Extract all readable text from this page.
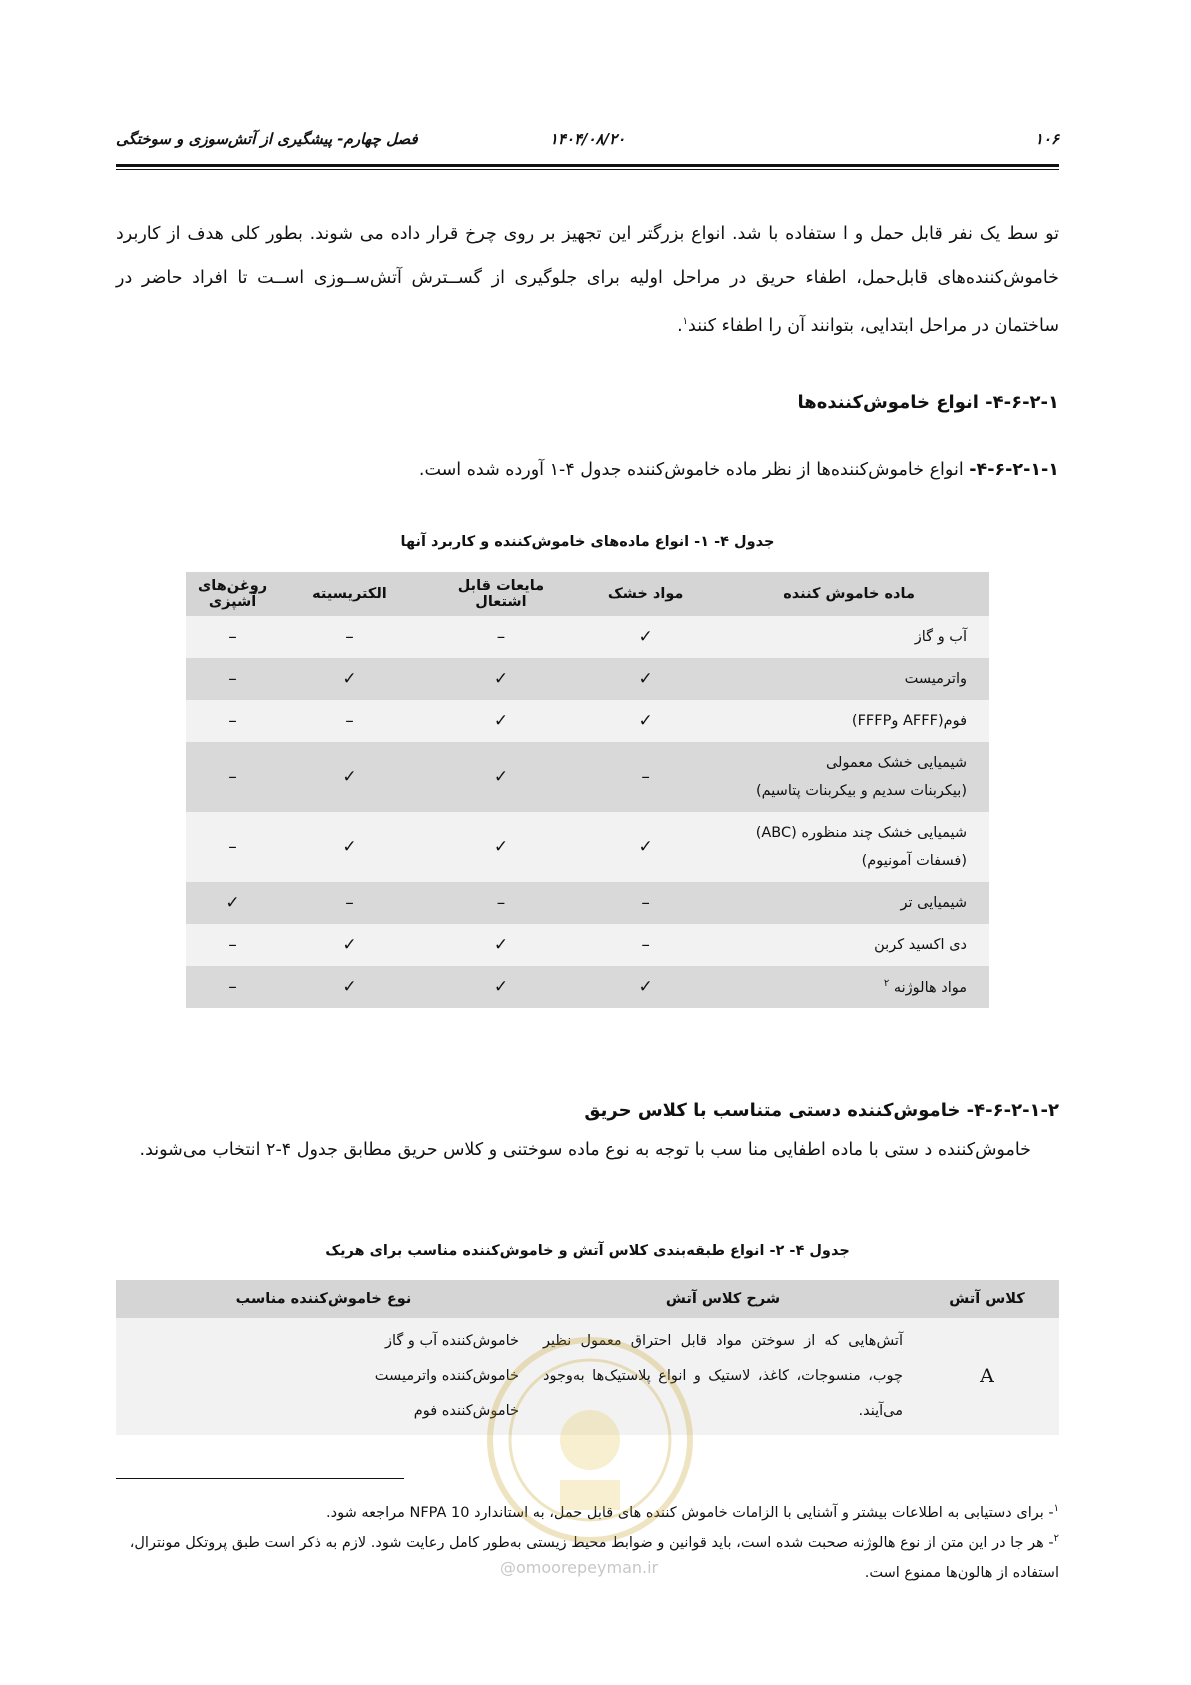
۱۰۶
۱۴۰۴/۰۸/۲۰
فصل چهارم- پیشگیری از آتش‌سوزی و سوختگی
تو سط یک نفر قابل حمل و ا ستفاده با شد. انواع بزرگتر این تجهیز بر روی چرخ قرار داده می شوند. بطور کلی هدف از کاربرد خاموش‌کننده‌های قابل‌حمل، اطفاء حریق در مراحل اولیه برای جلوگیری از گســترش آتش‌ســوزی اســت تا افراد حاضر در ساختمان در مراحل ابتدایی، بتوانند آن را اطفاء کنند$^۱$.
۴-۶-۲-۱- انواع خاموش‌کننده‌ها
۴-۶-۲-۱-۱- انواع خاموش‌کننده‌ها از نظر ماده خاموش‌کننده جدول ۴-۱ آورده شده است.
جدول ۴- ۱- انواع ماده‌های خاموش‌کننده و کاربرد آنها
ماده خاموش کننده	مواد خشک	مایعات قابل اشتعال	الکتریسیته	روغن‌های آشپزی
آب و گاز	✓	–	–	–
واترمیست	✓	✓	✓	–
فوم(AFFF وFFFP)	✓	✓	–	–

شیمیایی خشک معمولی
(بیکربنات سدیم و بیکربنات پتاسیم)	–	✓	✓	–

شیمیایی خشک چند منظوره (ABC)
(فسفات آمونیوم)	✓	✓	✓	–
شیمیایی تر	–	–	–	✓
دی اکسید کربن	–	✓	✓	–
مواد هالوژنه $^۲$	✓	✓	✓	–
۴-۶-۲-۱-۲- خاموش‌کننده دستی متناسب با کلاس حریق
خاموش‌کننده د ستی با ماده اطفایی منا سب با توجه به نوع ماده سوختنی و کلاس حریق مطابق جدول ۴-۲ انتخاب می‌شوند.
جدول ۴- ۲- انواع طبقه‌بندی کلاس آتش و خاموش‌کننده مناسب برای هریک
کلاس آتش	شرح کلاس آتش	نوع خاموش‌کننده مناسب
A	آتش‌هایی که از سوختن مواد قابل احتراق معمول نظیر چوب، منسوجات، کاغذ، لاستیک و انواع پلاستیک‌ها به‌وجود می‌آیند.	خاموش‌کننده آب و گاز
خاموش‌کننده واترمیست
خاموش‌کننده فوم
$^۱$- برای دستیابی به اطلاعات بیشتر و آشنایی با الزامات خاموش کننده های قابل حمل، به استاندارد NFPA 10 مراجعه شود.
$^۲$- هر جا در این متن از نوع هالوژنه صحبت شده است، باید قوانین و ضوابط محیط زیستی به‌طور کامل رعایت شود. لازم به ذکر است طبق پروتکل مونترال، استفاده از هالون‌ها ممنوع است.
@omoorepeyman.ir
